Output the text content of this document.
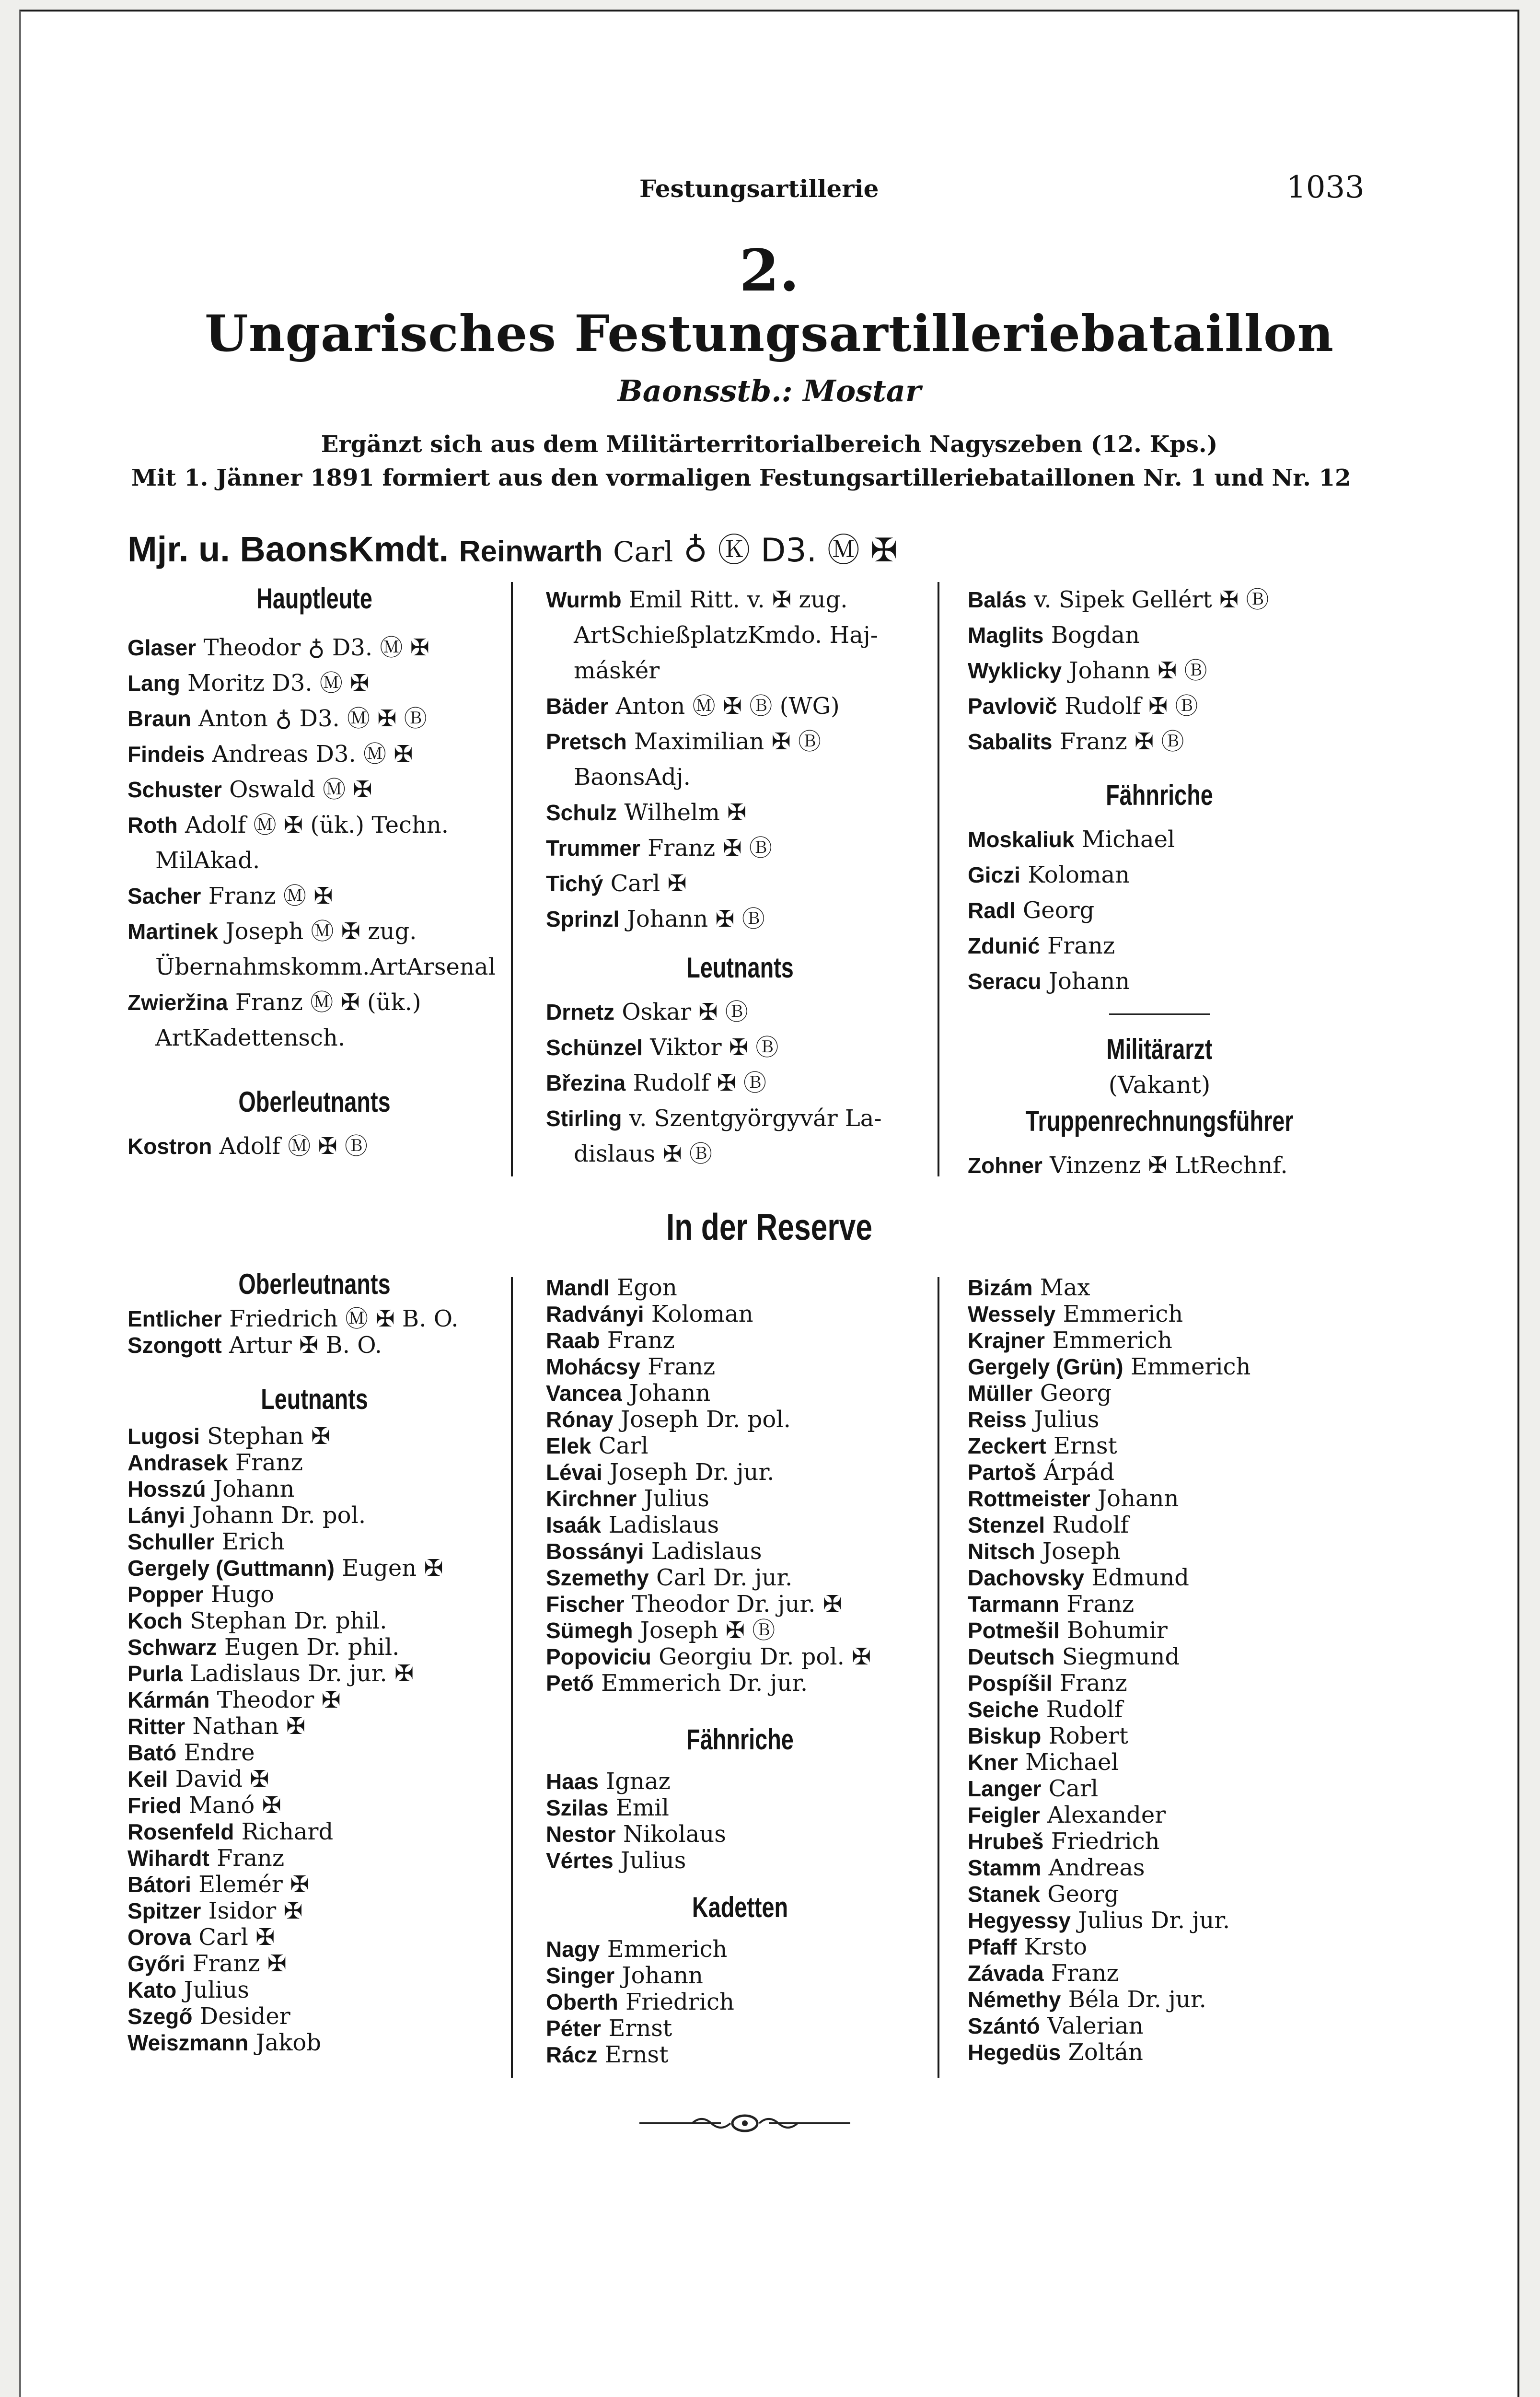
Festungsartillerie	1033
2.
Ungarisches Festungsartilleriebataillon
Baonsstb.: Mostar
Ergänzt sich aus dem Militärterritorialbereich Nagyszeben (12. Kps.)
Mit 1. Jänner 1891 formiert aus den vormaligen Festungsartilleriebataillonen Nr. 1 und Nr. 12
Mjr. u. BaonsKmdt. Reinwarth Carl ♁ Ⓚ D3. Ⓜ ✠
Hauptleute
Glaser Theodor ♁ D3. Ⓜ ✠
Lang Moritz D3. Ⓜ ✠
Braun Anton ♁ D3. Ⓜ ✠ Ⓑ
Findeis Andreas D3. Ⓜ ✠
Schuster Oswald Ⓜ ✠
Roth Adolf Ⓜ ✠ (ük.) Techn.
MilAkad.
Sacher Franz Ⓜ ✠
Martinek Joseph Ⓜ ✠ zug.
Übernahmskomm.ArtArsenal
Zwieržina Franz Ⓜ ✠ (ük.)
ArtKadettensch.
Oberleutnants
Kostron Adolf Ⓜ ✠ Ⓑ
Wurmb Emil Ritt. v. ✠ zug.
ArtSchießplatzKmdo. Haj-
máskér
Bäder Anton Ⓜ ✠ Ⓑ (WG)
Pretsch Maximilian ✠ Ⓑ
BaonsAdj.
Schulz Wilhelm ✠
Trummer Franz ✠ Ⓑ
Tichý Carl ✠
Sprinzl Johann ✠ Ⓑ
Leutnants
Drnetz Oskar ✠ Ⓑ
Schünzel Viktor ✠ Ⓑ
Březina Rudolf ✠ Ⓑ
Stirling v. Szentgyörgyvár La-
dislaus ✠ Ⓑ
Balás v. Sipek Gellért ✠ Ⓑ
Maglits Bogdan
Wyklicky Johann ✠ Ⓑ
Pavlovič Rudolf ✠ Ⓑ
Sabalits Franz ✠ Ⓑ
Fähnriche
Moskaliuk Michael
Giczi Koloman
Radl Georg
Zdunić Franz
Seracu Johann
Militärarzt
(Vakant)
Truppenrechnungsführer
Zohner Vinzenz ✠ LtRechnf.
In der Reserve
Oberleutnants
Entlicher Friedrich Ⓜ ✠ B. O.
Szongott Artur ✠ B. O.
Leutnants
Lugosi Stephan ✠
Andrasek Franz
Hosszú Johann
Lányi Johann Dr. pol.
Schuller Erich
Gergely (Guttmann) Eugen ✠
Popper Hugo
Koch Stephan Dr. phil.
Schwarz Eugen Dr. phil.
Purla Ladislaus Dr. jur. ✠
Kármán Theodor ✠
Ritter Nathan ✠
Bató Endre
Keil David ✠
Fried Manó ✠
Rosenfeld Richard
Wihardt Franz
Bátori Elemér ✠
Spitzer Isidor ✠
Orova Carl ✠
Győri Franz ✠
Kato Julius
Szegő Desider
Weiszmann Jakob
Mandl Egon
Radványi Koloman
Raab Franz
Mohácsy Franz
Vancea Johann
Rónay Joseph Dr. pol.
Elek Carl
Lévai Joseph Dr. jur.
Kirchner Julius
Isaák Ladislaus
Bossányi Ladislaus
Szemethy Carl Dr. jur.
Fischer Theodor Dr. jur. ✠
Sümegh Joseph ✠ Ⓑ
Popoviciu Georgiu Dr. pol. ✠
Pető Emmerich Dr. jur.
Fähnriche
Haas Ignaz
Szilas Emil
Nestor Nikolaus
Vértes Julius
Kadetten
Nagy Emmerich
Singer Johann
Oberth Friedrich
Péter Ernst
Rácz Ernst
Bizám Max
Wessely Emmerich
Krajner Emmerich
Gergely (Grün) Emmerich
Müller Georg
Reiss Julius
Zeckert Ernst
Partoš Árpád
Rottmeister Johann
Stenzel Rudolf
Nitsch Joseph
Dachovsky Edmund
Tarmann Franz
Potmešil Bohumir
Deutsch Siegmund
Pospíšil Franz
Seiche Rudolf
Biskup Robert
Kner Michael
Langer Carl
Feigler Alexander
Hrubeš Friedrich
Stamm Andreas
Stanek Georg
Hegyessy Julius Dr. jur.
Pfaff Krsto
Závada Franz
Némethy Béla Dr. jur.
Szántó Valerian
Hegedüs Zoltán
